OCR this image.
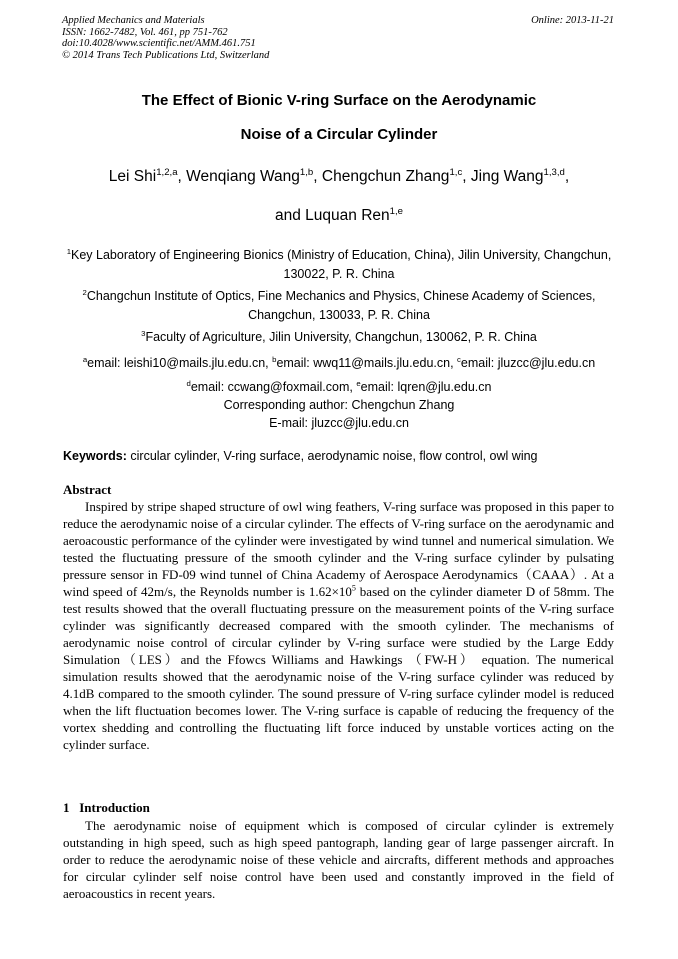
Applied Mechanics and Materials
ISSN: 1662-7482, Vol. 461, pp 751-762
doi:10.4028/www.scientific.net/AMM.461.751
© 2014 Trans Tech Publications Ltd, Switzerland
Online: 2013-11-21
The Effect of Bionic V-ring Surface on the Aerodynamic
Noise of a Circular Cylinder
Lei Shi$^{1,2,a}$, Wenqiang Wang$^{1,b}$, Chengchun Zhang$^{1,c}$, Jing Wang$^{1,3,d}$,
and Luquan Ren$^{1,e}$
$^1$Key Laboratory of Engineering Bionics (Ministry of Education, China), Jilin University, Changchun,
130022, P. R. China
$^2$Changchun Institute of Optics, Fine Mechanics and Physics, Chinese Academy of Sciences,
Changchun, 130033, P. R. China
$^3$Faculty of Agriculture, Jilin University, Changchun, 130062, P. R. China
$^a$email: leishi10@mails.jlu.edu.cn, $^b$email: wwq11@mails.jlu.edu.cn, $^c$email: jluzcc@jlu.edu.cn
$^d$email: ccwang@foxmail.com, $^e$email: lqren@jlu.edu.cn
Corresponding author: Chengchun Zhang
E-mail: jluzcc@jlu.edu.cn
Keywords: circular cylinder, V-ring surface, aerodynamic noise, flow control, owl wing
Abstract
Inspired by stripe shaped structure of owl wing feathers, V-ring surface was proposed in this paper to reduce the aerodynamic noise of a circular cylinder. The effects of V-ring surface on the aerodynamic and aeroacoustic performance of the cylinder were investigated by wind tunnel and numerical simulation. We tested the fluctuating pressure of the smooth cylinder and the V-ring surface cylinder by pulsating pressure sensor in FD-09 wind tunnel of China Academy of Aerospace Aerodynamics（CAAA）. At a wind speed of 42m/s, the Reynolds number is $1.62\times 10^5$ based on the cylinder diameter D of 58mm. The test results showed that the overall fluctuating pressure on the measurement points of the V-ring surface cylinder was significantly decreased compared with the smooth cylinder. The mechanisms of aerodynamic noise control of circular cylinder by V-ring surface were studied by the Large Eddy Simulation（LES）and the Ffowcs Williams and Hawkings （FW-H） equation. The numerical simulation results showed that the aerodynamic noise of the V-ring surface cylinder was reduced by 4.1dB compared to the smooth cylinder. The sound pressure of V-ring surface cylinder model is reduced when the lift fluctuation becomes lower. The V-ring surface is capable of reducing the frequency of the vortex shedding and controlling the fluctuating lift force induced by unstable vortices acting on the cylinder surface.
1   Introduction
The aerodynamic noise of equipment which is composed of circular cylinder is extremely outstanding in high speed, such as high speed pantograph, landing gear of large passenger aircraft. In order to reduce the aerodynamic noise of these vehicle and aircrafts, different methods and approaches for circular cylinder self noise control have been used and constantly improved in the field of aeroacoustics in recent years.
